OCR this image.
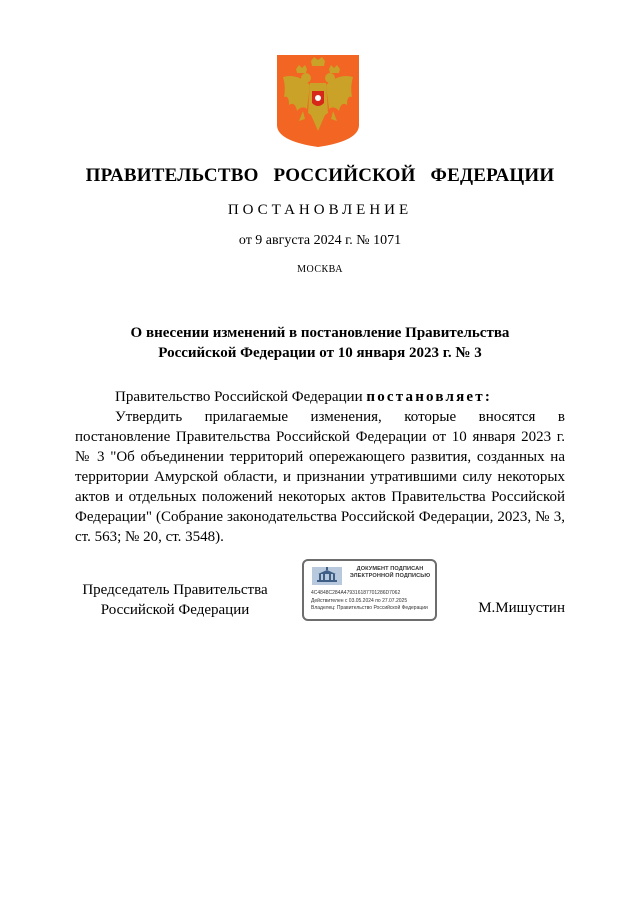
ПРАВИТЕЛЬСТВО РОССИЙСКОЙ ФЕДЕРАЦИИ
ПОСТАНОВЛЕНИЕ
от 9 августа 2024 г. № 1071
МОСКВА
О внесении изменений в постановление Правительства
Российской Федерации от 10 января 2023 г. № 3

Правительство Российской Федерации постановляет:

Утвердить прилагаемые изменения, которые вносятся в постановление Правительства Российской Федерации от 10 января 2023 г. № 3 "Об объединении территорий опережающего развития, созданных на территории Амурской области, и признании утратившими силу некоторых актов и отдельных положений некоторых актов Правительства Российской Федерации" (Собрание законодательства Российской Федерации, 2023, № 3, ст. 563; № 20, ст. 3548).

Председатель Правительства
Российской Федерации
ДОКУМЕНТ ПОДПИСАН
ЭЛЕКТРОННОЙ ПОДПИСЬЮ
4C4848C284A479316187701286D7062
Действителен с 03.05.2024 по 27.07.2025
Владелец: Правительство Российской Федерации	М.Мишустин
